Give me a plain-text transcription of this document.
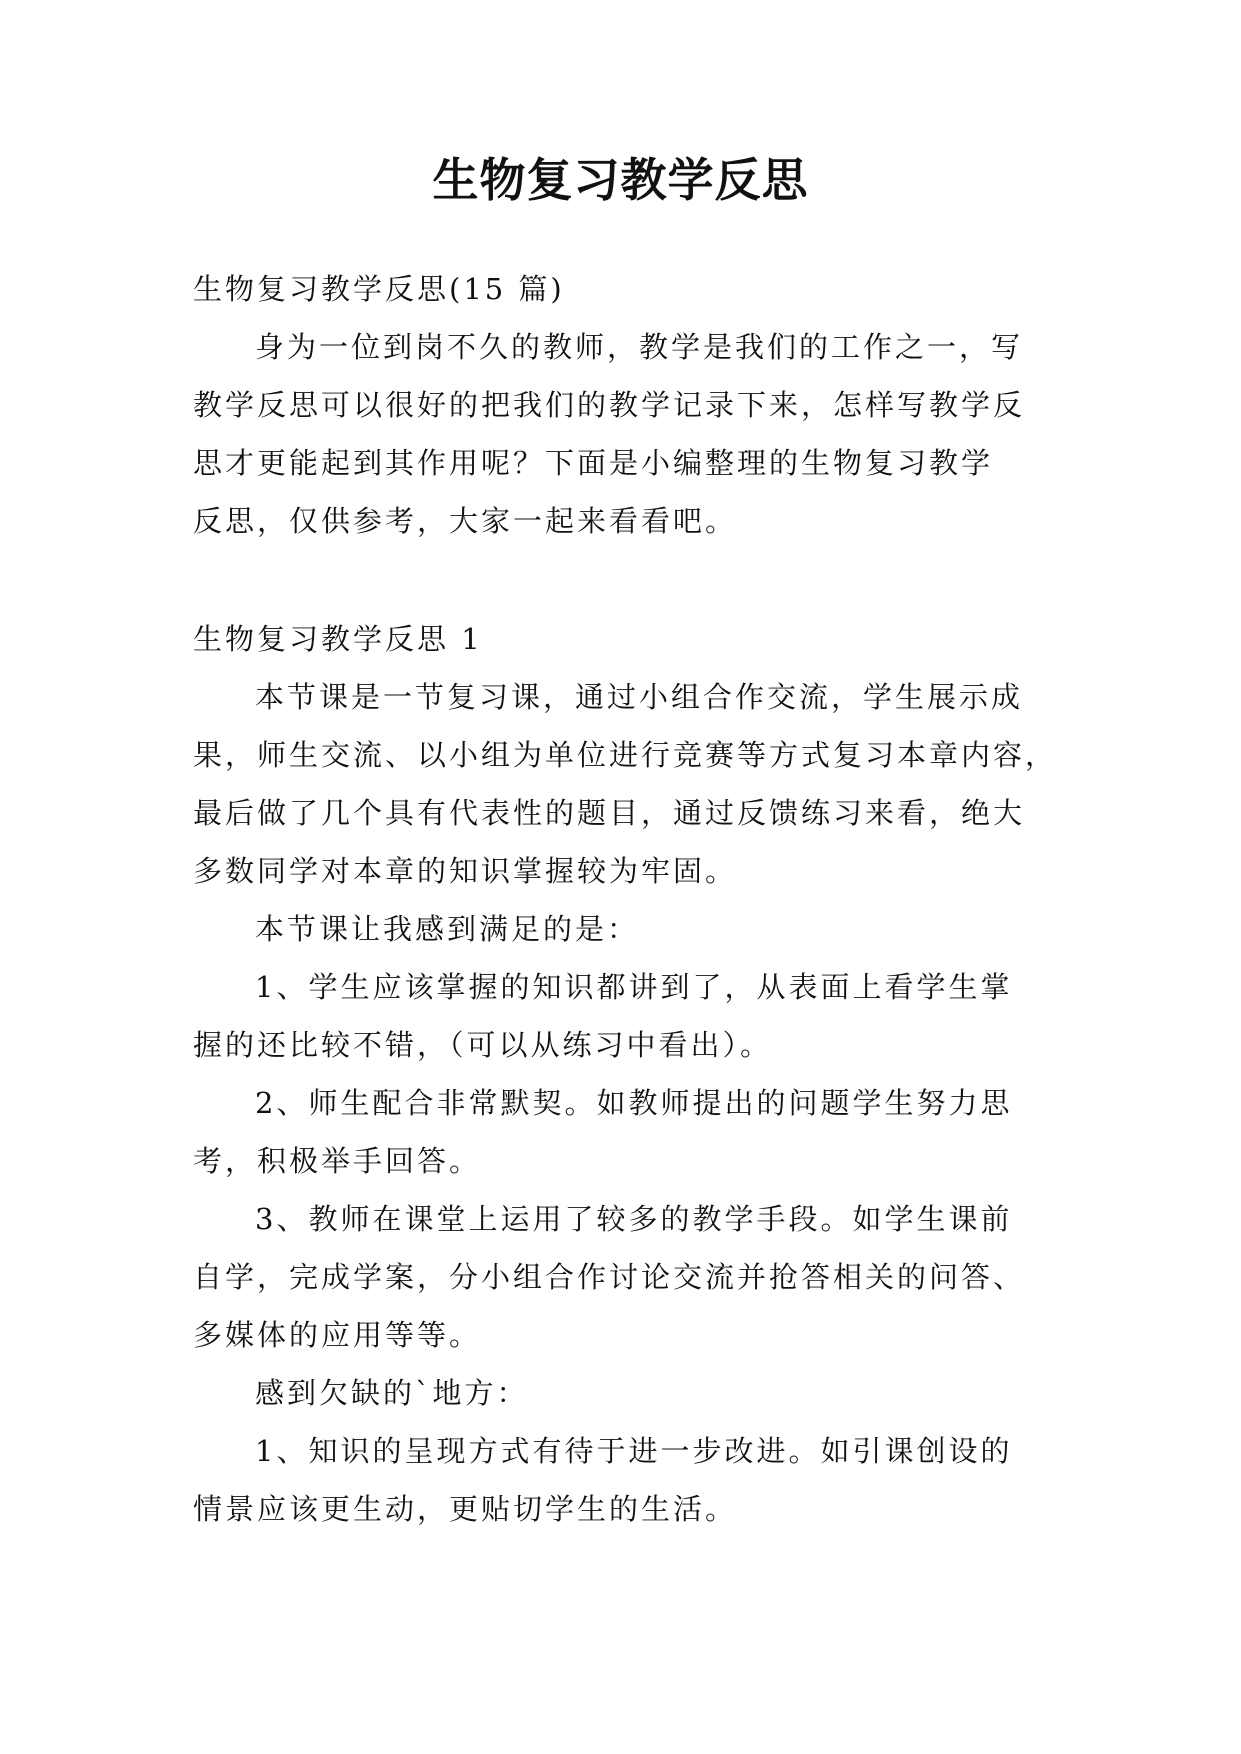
生物复习教学反思
生物复习教学反思(15 篇)
身为一位到岗不久的教师，教学是我们的工作之一，写
教学反思可以很好的把我们的教学记录下来，怎样写教学反
思才更能起到其作用呢？下面是小编整理的生物复习教学
反思，仅供参考，大家一起来看看吧。
生物复习教学反思 1
本节课是一节复习课，通过小组合作交流，学生展示成
果，师生交流、以小组为单位进行竞赛等方式复习本章内容，
最后做了几个具有代表性的题目，通过反馈练习来看，绝大
多数同学对本章的知识掌握较为牢固。
本节课让我感到满足的是：
1、学生应该掌握的知识都讲到了，从表面上看学生掌
握的还比较不错，（可以从练习中看出）。
2、师生配合非常默契。如教师提出的问题学生努力思
考，积极举手回答。
3、教师在课堂上运用了较多的教学手段。如学生课前
自学，完成学案，分小组合作讨论交流并抢答相关的问答、
多媒体的应用等等。
感到欠缺的`地方：
1、知识的呈现方式有待于进一步改进。如引课创设的
情景应该更生动，更贴切学生的生活。
